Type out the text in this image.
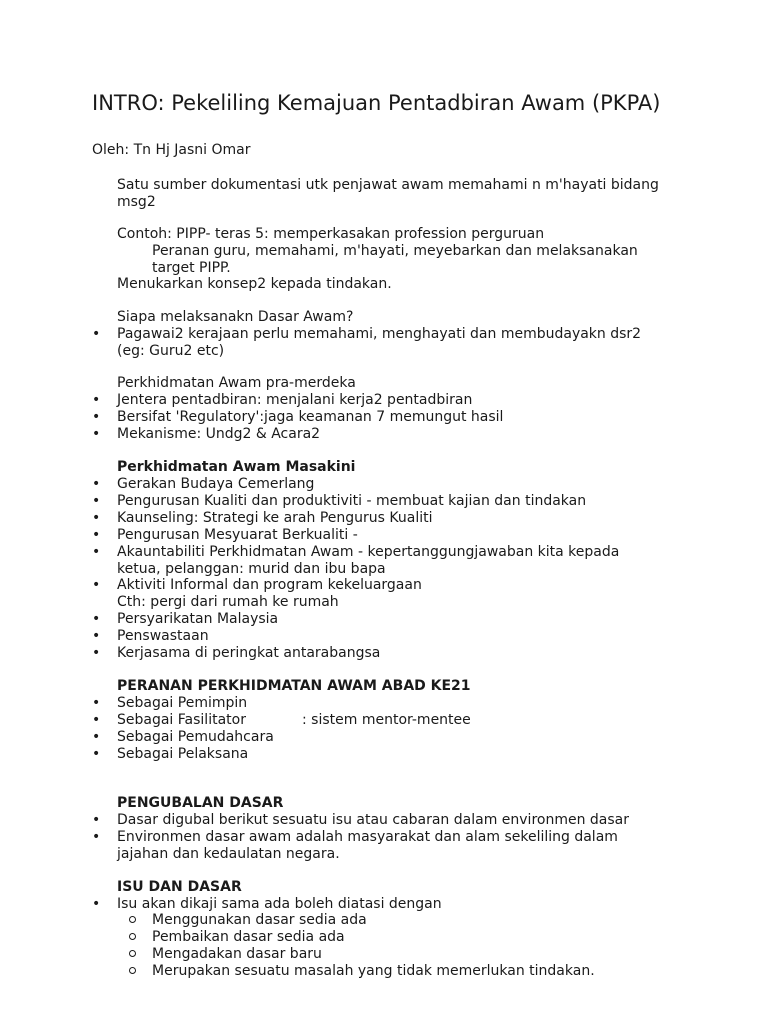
INTRO: Pekeliling Kemajuan Pentadbiran Awam (PKPA)

Oleh: Tn Hj Jasni Omar

Satu sumber dokumentasi utk penjawat awam memahami n m'hayati bidang

msg2

Contoh: PIPP- teras 5: memperkasakan profession perguruan

Peranan guru, memahami, m'hayati, meyebarkan dan melaksanakan

target PIPP.

Menukarkan konsep2 kepada tindakan.

Siapa melaksanakn Dasar Awam?

• Pagawai2 kerajaan perlu memahami, menghayati dan membudayakn dsr2

(eg: Guru2 etc)

Perkhidmatan Awam pra-merdeka

• Jentera pentadbiran: menjalani kerja2 pentadbiran

• Bersifat 'Regulatory':jaga keamanan 7 memungut hasil

• Mekanisme: Undg2 & Acara2

Perkhidmatan Awam Masakini

• Gerakan Budaya Cemerlang

• Pengurusan Kualiti dan produktiviti - membuat kajian dan tindakan

• Kaunseling: Strategi ke arah Pengurus Kualiti

• Pengurusan Mesyuarat Berkualiti -

• Akauntabiliti Perkhidmatan Awam - kepertanggungjawaban kita kepada

ketua, pelanggan: murid dan ibu bapa

• Aktiviti Informal dan program kekeluargaan

Cth: pergi dari rumah ke rumah

• Persyarikatan Malaysia

• Penswastaan

• Kerjasama di peringkat antarabangsa

PERANAN PERKHIDMATAN AWAM ABAD KE21

• Sebagai Pemimpin

• Sebagai Fasilitator	: sistem mentor-mentee
• Sebagai Pemudahcara

• Sebagai Pelaksana

PENGUBALAN DASAR

• Dasar digubal berikut sesuatu isu atau cabaran dalam environmen dasar

• Environmen dasar awam adalah masyarakat dan alam sekeliling dalam

jajahan dan kedaulatan negara.

ISU DAN DASAR

• Isu akan dikaji sama ada boleh diatasi dengan

Menggunakan dasar sedia ada

Pembaikan dasar sedia ada

Mengadakan dasar baru

Merupakan sesuatu masalah yang tidak memerlukan tindakan.
